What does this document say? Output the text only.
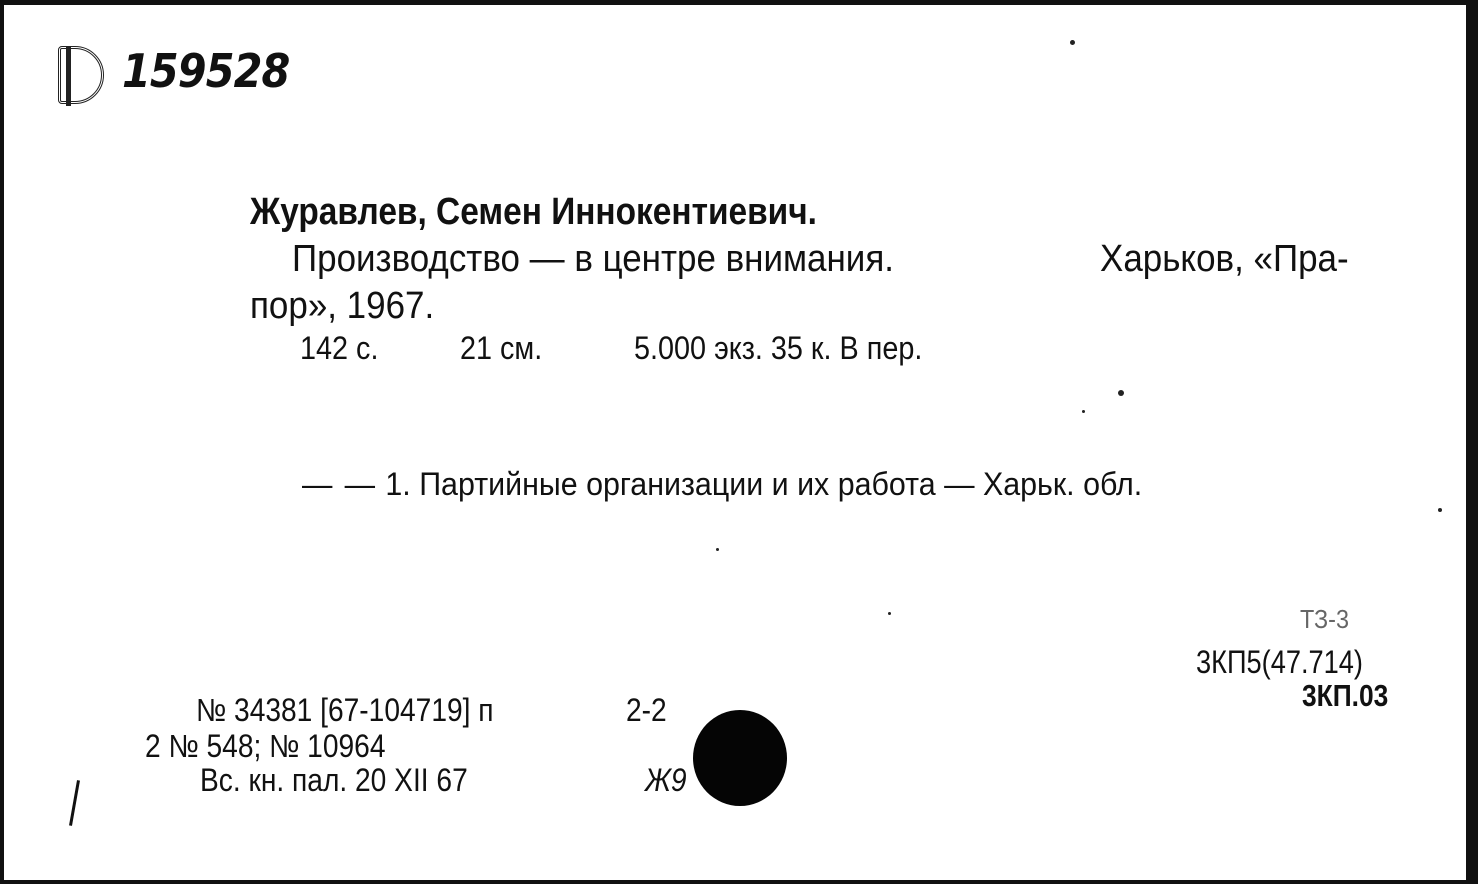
159528
Журавлев, Семен Иннокентиевич.
Производство — в центре внимания.	Харьков, «Пра-
пор», 1967.
142 с.	21 см.	5.000 экз. 35 к. В пер.
— — 1. Партийные организации и их работа — Харьк. обл.
ТЗ-3
3КП5(47.714)
3КП.03
№ 34381 [67-104719] п	2-2
2 № 548; № 10964
Вс. кн. пал. 20 XII 67	Ж9
